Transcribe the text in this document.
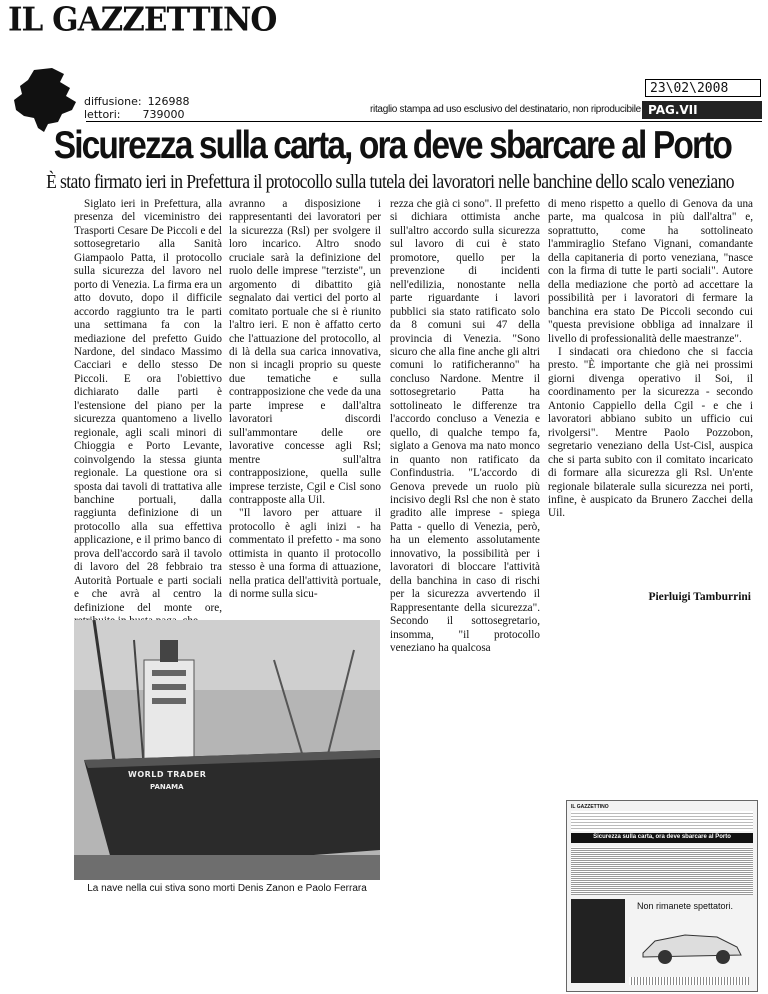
IL GAZZETTINO
diffusione: 126988
lettori: 739000
23\02\2008
ritaglio stampa ad uso esclusivo del destinatario, non riproducibile PAG.VII
Sicurezza sulla carta, ora deve sbarcare al Porto
È stato firmato ieri in Prefettura il protocollo sulla tutela dei lavoratori nelle banchine dello scalo veneziano

Siglato ieri in Prefettura, alla presenza del viceministro dei Trasporti Cesare De Piccoli e del sottosegretario alla Sanità Giampaolo Patta, il protocollo sulla sicurezza del lavoro nel porto di Venezia. La firma era un atto dovuto, dopo il difficile accordo raggiunto tra le parti una settimana fa con la mediazione del prefetto Guido Nardone, del sindaco Massimo Cacciari e dello stesso De Piccoli. E ora l'obiettivo dichiarato dalle parti è l'estensione del piano per la sicurezza quantomeno a livello regionale, agli scali minori di Chioggia e Porto Levante, coinvolgendo la stessa giunta regionale. La questione ora si sposta dai tavoli di trattativa alle banchine portuali, dalla raggiunta definizione di un protocollo alla sua effettiva applicazione, e il primo banco di prova dell'accordo sarà il tavolo di lavoro del 28 febbraio tra Autorità Portuale e parti sociali e che avrà al centro la definizione del monte ore,

avranno a disposizione i rappresentanti dei lavoratori per la sicurezza (Rsl) per svolgere il loro incarico. Altro snodo cruciale sarà la definizione del ruolo delle imprese "terziste", un argomento di dibattito già segnalato dai vertici del porto al comitato portuale che si è riunito l'altro ieri. E non è affatto certo che l'attuazione del protocollo, al di là della sua carica innovativa, non si incagli proprio su queste due tematiche e sulla contrapposizione che vede da una parte imprese e dall'altra lavoratori discordi sull'ammontare delle ore lavorative concesse agli Rsl; mentre sull'altra contrapposizione, quella sulle imprese terziste, Cgil e Cisl sono contrapposte alla Uil.

"Il lavoro per attuare il protocollo è agli inizi - ha commentato il prefetto - ma sono ottimista in quanto il protocollo stesso è una forma di attuazione, nella pratica dell'attività portuale, di norme sulla sicu-

rezza che già ci sono". Il prefetto si dichiara ottimista anche sull'altro accordo sulla sicurezza sul lavoro di cui è stato promotore, quello per la prevenzione di incidenti nell'edilizia, nonostante nella parte riguardante i lavori pubblici sia stato ratificato solo da 8 comuni sui 47 della provincia di Venezia. "Sono sicuro che alla fine anche gli altri comuni lo ratificheranno" ha concluso Nardone. Mentre il sottosegretario Patta ha sottolineato le differenze tra l'accordo concluso a Venezia e quello, di qualche tempo fa, siglato a Genova ma nato monco in quanto non ratificato da Confindustria. "L'accordo di Genova prevede un ruolo più incisivo degli Rsl che non è stato gradito alle imprese - spiega Patta - quello di Venezia, però, ha un elemento assolutamente innovativo, la possibilità per i lavoratori di bloccare l'attività della banchina in caso di rischi per la sicurezza avvertendo il Rappresentante della sicurezza". Secondo il sottosegretario, insomma, "il protocollo veneziano ha qualcosa

di meno rispetto a quello di Genova da una parte, ma qualcosa in più dall'altra" e, soprattutto, come ha sottolineato l'ammiraglio Stefano Vignani, comandante della capitaneria di porto veneziana, "nasce con la firma di tutte le parti sociali". Autore della mediazione che portò ad accettare la possibilità per i lavoratori di fermare la banchina era stato De Piccoli secondo cui "questa previsione obbliga ad innalzare il livello di professionalità delle maestranze".

I sindacati ora chiedono che si faccia presto. "È importante che già nei prossimi giorni divenga operativo il Soi, il coordinamento per la sicurezza - secondo Antonio Cappiello della Cgil - e che i lavoratori abbiano subito un ufficio cui rivolgersi". Mentre Paolo Pozzobon, segretario veneziano della Ust-Cisl, auspica che si parta subito con il comitato incaricato di formare alla sicurezza gli Rsl. Un'ente regionale bilaterale sulla sicurezza nei porti, infine, è auspicato da Brunero Zacchei della Uil.

Pierluigi Tamburrini
WORLD TRADER
PANAMA
La nave nella cui stiva sono morti Denis Zanon e Paolo Ferrara
IL GAZZETTINO
Sicurezza sulla carta, ora deve sbarcare al Porto
Non rimanete spettatori.
